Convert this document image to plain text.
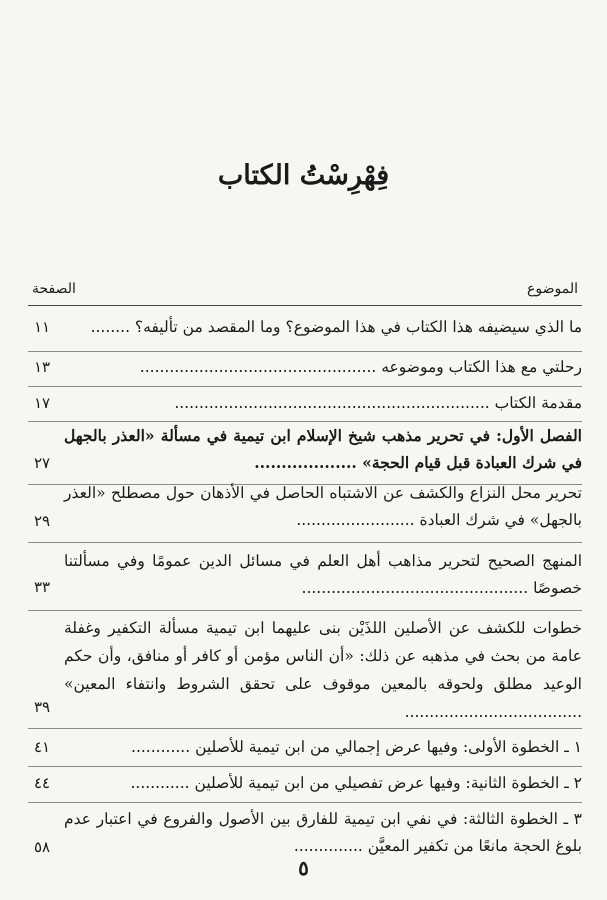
فِهْرِسْتُ الكتاب
الموضوع
الصفحة
ما الذي سيضيفه هذا الكتاب في هذا الموضوع؟ وما المقصد من تأليفه؟ ........
١١
رحلتي مع هذا الكتاب وموضوعه ................................................
١٣
مقدمة الكتاب ................................................................
١٧
الفصل الأول: في تحرير مذهب شيخ الإسلام ابن تيمية في مسألة «العذر بالجهل في شرك العبادة قبل قيام الحجة» ...................
٢٧
تحرير محل النزاع والكشف عن الاشتباه الحاصل في الأذهان حول مصطلح «العذر بالجهل» في شرك العبادة ........................
٢٩
المنهج الصحيح لتحرير مذاهب أهل العلم في مسائل الدين عمومًا وفي مسألتنا خصوصًا ..............................................
٣٣
خطوات للكشف عن الأصلين اللذَيْن بنى عليهما ابن تيمية مسألة التكفير وغفلة عامة من بحث في مذهبه عن ذلك: «أن الناس مؤمن أو كافر أو منافق، وأن حكم الوعيد مطلق ولحوقه بالمعين موقوف على تحقق الشروط وانتفاء المعين» ....................................
٣٩
١ ـ الخطوة الأولى: وفيها عرض إجمالي من ابن تيمية للأصلين ............
٤١
٢ ـ الخطوة الثانية: وفيها عرض تفصيلي من ابن تيمية للأصلين ............
٤٤
٣ ـ الخطوة الثالثة: في نفي ابن تيمية للفارق بين الأصول والفروع في اعتبار عدم بلوغ الحجة مانعًا من تكفير المعيَّن ..............
٥٨
٥
